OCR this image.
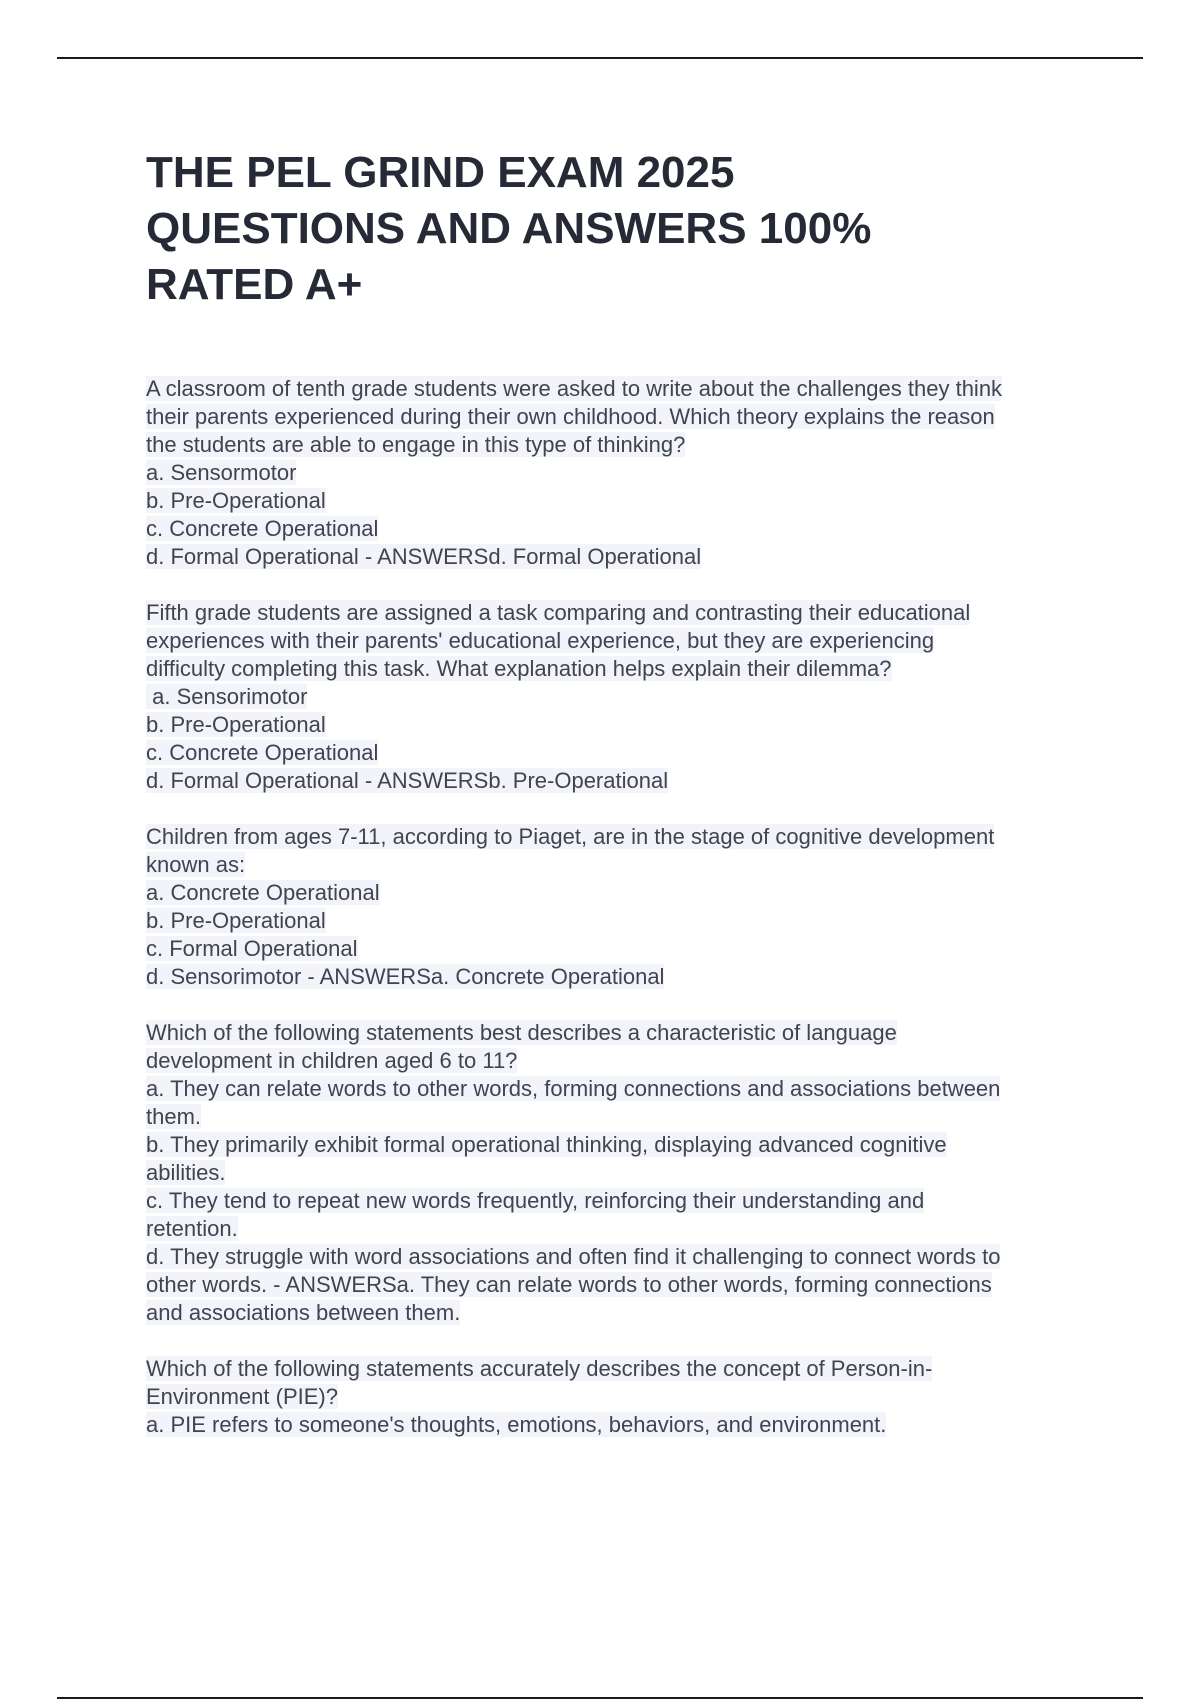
THE PEL GRIND EXAM 2025
QUESTIONS AND ANSWERS 100%
RATED A+

A classroom of tenth grade students were asked to write about the challenges they think
their parents experienced during their own childhood. Which theory explains the reason
the students are able to engage in this type of thinking?
a. Sensormotor
b. Pre-Operational
c. Concrete Operational
d. Formal Operational - ANSWERSd. Formal Operational

Fifth grade students are assigned a task comparing and contrasting their educational
experiences with their parents' educational experience, but they are experiencing
difficulty completing this task. What explanation helps explain their dilemma?
a. Sensorimotor
b. Pre-Operational
c. Concrete Operational
d. Formal Operational - ANSWERSb. Pre-Operational

Children from ages 7-11, according to Piaget, are in the stage of cognitive development
known as:
a. Concrete Operational
b. Pre-Operational
c. Formal Operational
d. Sensorimotor - ANSWERSa. Concrete Operational

Which of the following statements best describes a characteristic of language
development in children aged 6 to 11?
a. They can relate words to other words, forming connections and associations between
them.
b. They primarily exhibit formal operational thinking, displaying advanced cognitive
abilities.
c. They tend to repeat new words frequently, reinforcing their understanding and
retention.
d. They struggle with word associations and often find it challenging to connect words to
other words. - ANSWERSa. They can relate words to other words, forming connections
and associations between them.

Which of the following statements accurately describes the concept of Person-in-
Environment (PIE)?
a. PIE refers to someone's thoughts, emotions, behaviors, and environment.
